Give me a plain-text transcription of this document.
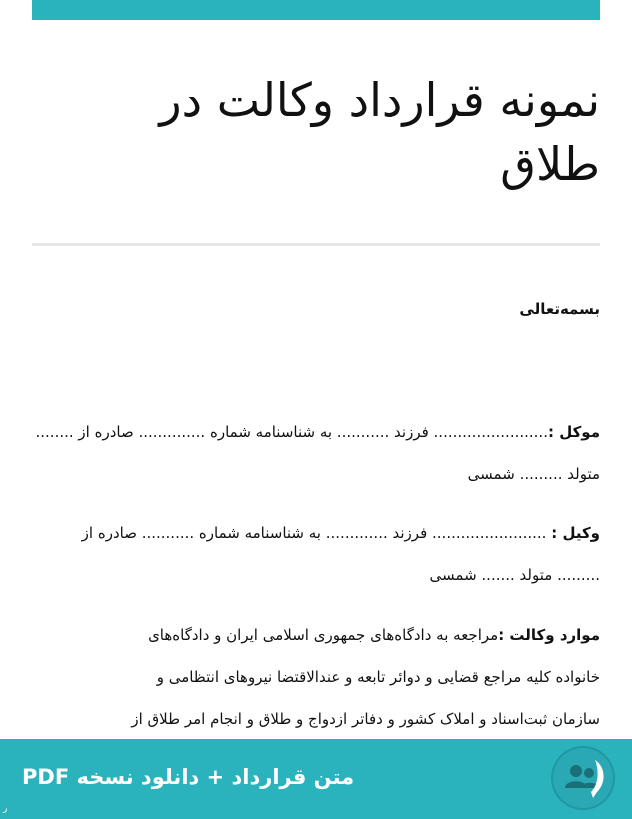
نمونه قرارداد وکالت در
طلاق
بسمه‌تعالی
موکل :........................ فرزند ........... به شناسنامه شماره .............. صادره از ........
متولد ......... شمسی
وکیل : ........................ فرزند ............. به شناسنامه شماره ........... صادره از
......... متولد ....... شمسی
موارد وکالت :مراجعه به دادگاه‌های جمهوری اسلامی ایران و دادگاه‌های
خانواده کلیه مراجع قضایی و دوائر تابعه و عندالاقتضا نیروهای انتظامی و
سازمان ثبت‌اسناد و املاک کشور و دفاتر ازدواج و طلاق و انجام امر طلاق از
متن قرارداد + دانلود نسخه PDF
ر
